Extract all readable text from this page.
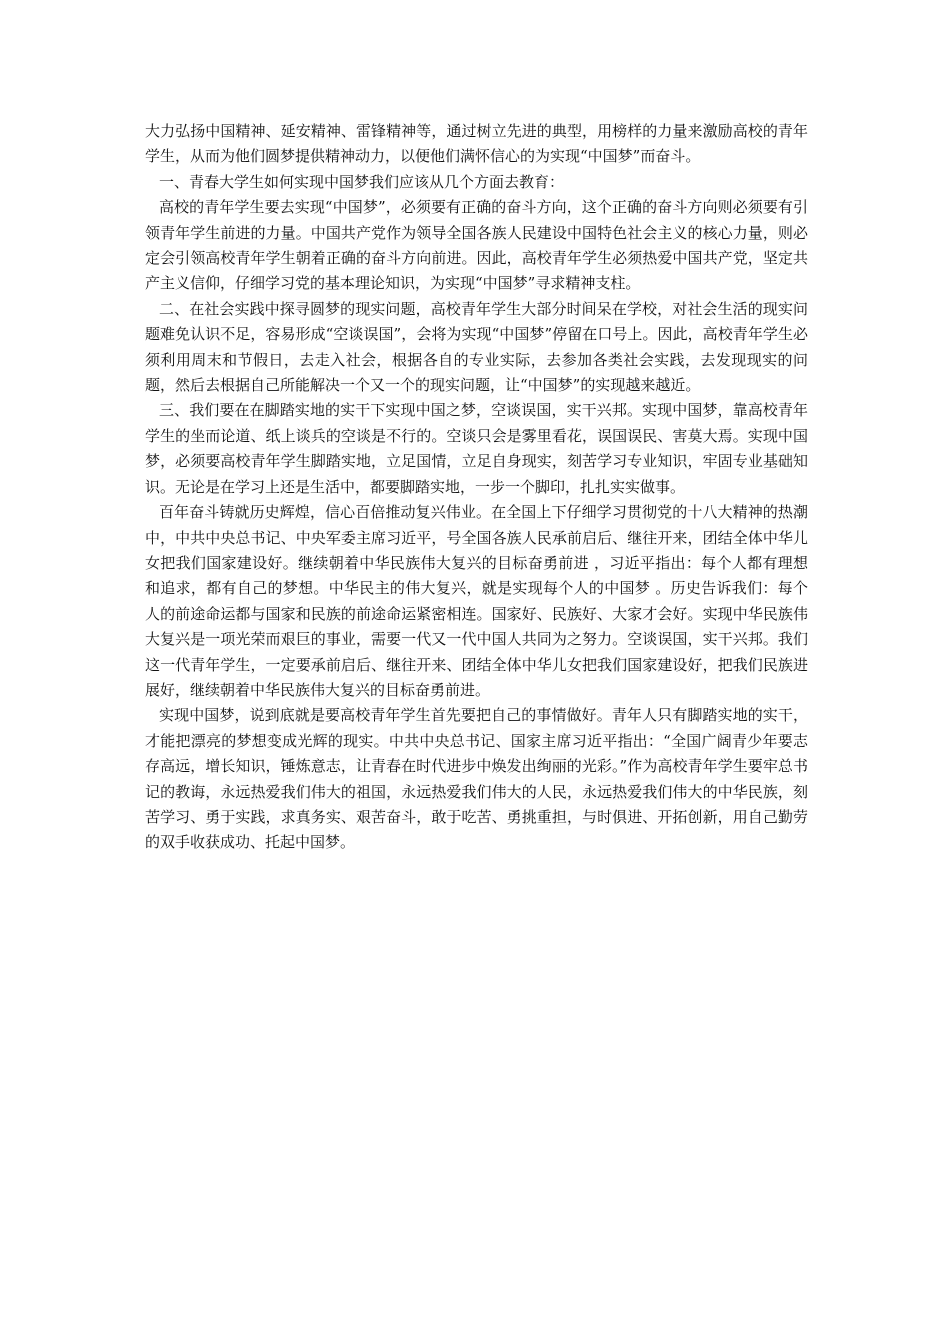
大力弘扬中国精神、延安精神、雷锋精神等，通过树立先进的典型，用榜样的力量来激励高校的青年学生，从而为他们圆梦提供精神动力，以便他们满怀信心的为实现“中国梦”而奋斗。

一、青春大学生如何实现中国梦我们应该从几个方面去教育：

高校的青年学生要去实现“中国梦”，必须要有正确的奋斗方向，这个正确的奋斗方向则必须要有引领青年学生前进的力量。中国共产党作为领导全国各族人民建设中国特色社会主义的核心力量，则必定会引领高校青年学生朝着正确的奋斗方向前进。因此，高校青年学生必须热爱中国共产党，坚定共产主义信仰，仔细学习党的基本理论知识，为实现“中国梦”寻求精神支柱。

二、在社会实践中探寻圆梦的现实问题，高校青年学生大部分时间呆在学校，对社会生活的现实问题难免认识不足，容易形成“空谈误国”，会将为实现“中国梦”停留在口号上。因此，高校青年学生必须利用周末和节假日，去走入社会，根据各自的专业实际，去参加各类社会实践，去发现现实的问题，然后去根据自己所能解决一个又一个的现实问题，让“中国梦”的实现越来越近。

三、我们要在在脚踏实地的实干下实现中国之梦，空谈误国，实干兴邦。实现中国梦，靠高校青年学生的坐而论道、纸上谈兵的空谈是不行的。空谈只会是雾里看花，误国误民、害莫大焉。实现中国梦，必须要高校青年学生脚踏实地，立足国情，立足自身现实，刻苦学习专业知识，牢固专业基础知识。无论是在学习上还是生活中，都要脚踏实地，一步一个脚印，扎扎实实做事。

百年奋斗铸就历史辉煌，信心百倍推动复兴伟业。在全国上下仔细学习贯彻党的十八大精神的热潮中，中共中央总书记、中央军委主席习近平，号全国各族人民承前启后、继往开来，团结全体中华儿女把我们国家建设好。继续朝着中华民族伟大复兴的目标奋勇前进 ，习近平指出：每个人都有理想和追求，都有自己的梦想。中华民主的伟大复兴，就是实现每个人的中国梦 。历史告诉我们：每个人的前途命运都与国家和民族的前途命运紧密相连。国家好、民族好、大家才会好。实现中华民族伟大复兴是一项光荣而艰巨的事业，需要一代又一代中国人共同为之努力。空谈误国，实干兴邦。我们这一代青年学生，一定要承前启后、继往开来、团结全体中华儿女把我们国家建设好，把我们民族进展好，继续朝着中华民族伟大复兴的目标奋勇前进。

实现中国梦，说到底就是要高校青年学生首先要把自己的事情做好。青年人只有脚踏实地的实干，才能把漂亮的梦想变成光辉的现实。中共中央总书记、国家主席习近平指出：“全国广阔青少年要志存高远，增长知识，锤炼意志，让青春在时代进步中焕发出绚丽的光彩。”作为高校青年学生要牢总书记的教诲，永远热爱我们伟大的祖国，永远热爱我们伟大的人民，永远热爱我们伟大的中华民族，刻苦学习、勇于实践，求真务实、艰苦奋斗，敢于吃苦、勇挑重担，与时俱进、开拓创新，用自己勤劳的双手收获成功、托起中国梦。
